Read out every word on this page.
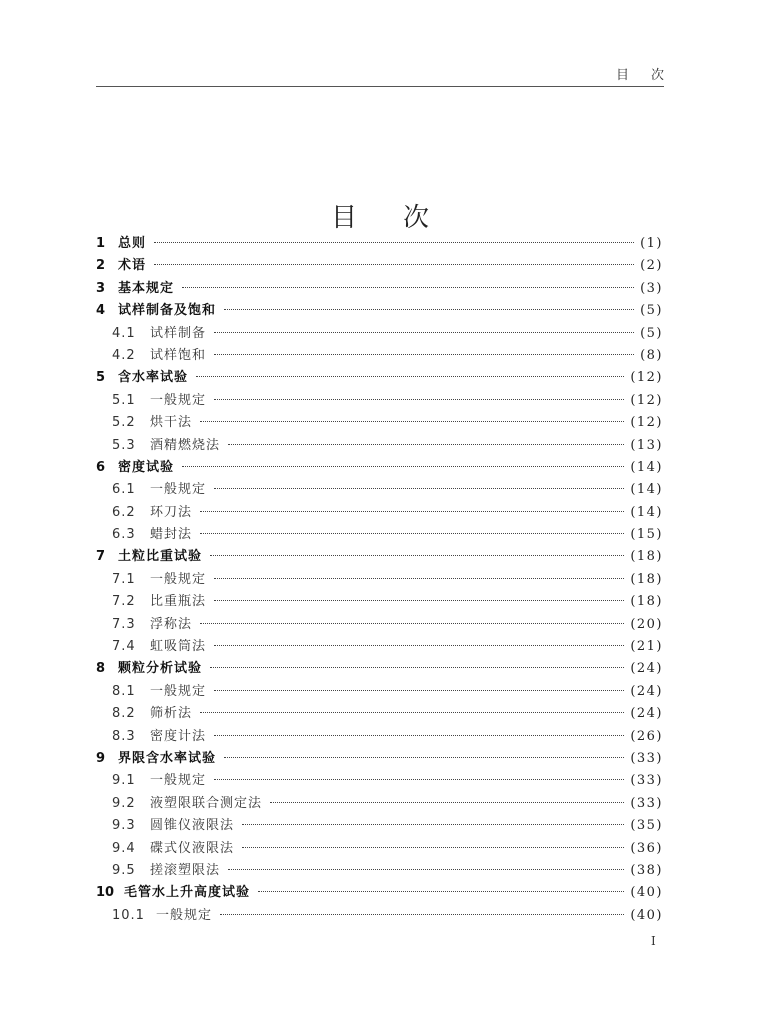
目次
目次
1 总则	(1)
2 术语	(2)
3 基本规定	(3)
4 试样制备及饱和	(5)
4.1	试样制备	(5)
4.2	试样饱和	(8)
5 含水率试验	(12)
5.1	一般规定	(12)
5.2	烘干法	(12)
5.3	酒精燃烧法	(13)
6 密度试验	(14)
6.1	一般规定	(14)
6.2	环刀法	(14)
6.3	蜡封法	(15)
7 土粒比重试验	(18)
7.1	一般规定	(18)
7.2	比重瓶法	(18)
7.3	浮称法	(20)
7.4	虹吸筒法	(21)
8 颗粒分析试验	(24)
8.1	一般规定	(24)
8.2	筛析法	(24)
8.3	密度计法	(26)
9 界限含水率试验	(33)
9.1	一般规定	(33)
9.2	液塑限联合测定法	(33)
9.3	圆锥仪液限法	(35)
9.4	碟式仪液限法	(36)
9.5	搓滚塑限法	(38)
10 毛管水上升高度试验	(40)
10.1 一般规定	(40)
I
